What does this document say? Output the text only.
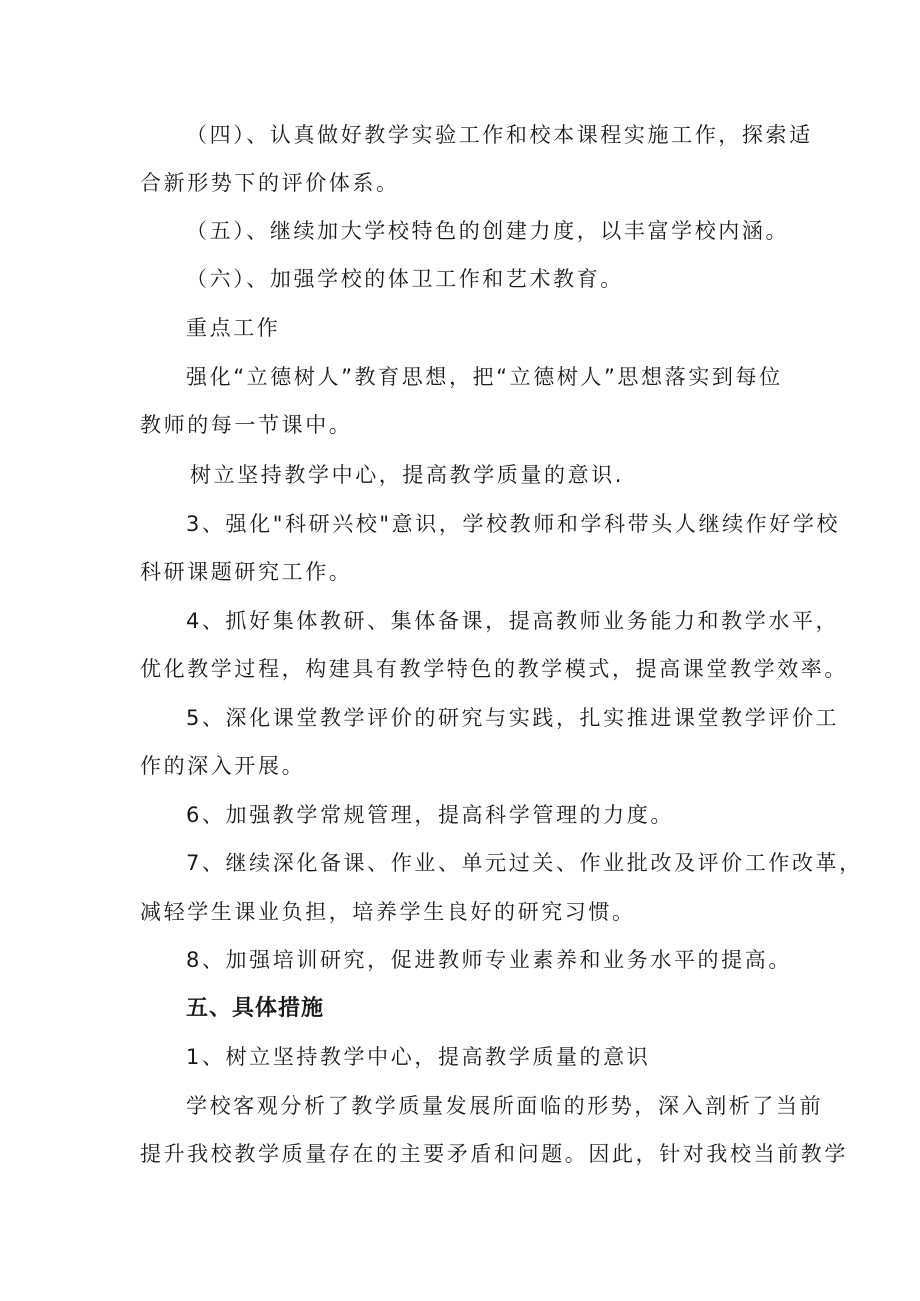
（四）、认真做好教学实验工作和校本课程实施工作，探索适
合新形势下的评价体系。
（五）、继续加大学校特色的创建力度，以丰富学校内涵。
（六）、加强学校的体卫工作和艺术教育。
重点工作
强化“立德树人”教育思想，把“立德树人”思想落实到每位
教师的每一节课中。
树立坚持教学中心，提高教学质量的意识.
3、强化"科研兴校"意识，学校教师和学科带头人继续作好学校
科研课题研究工作。
4、抓好集体教研、集体备课，提高教师业务能力和教学水平，
优化教学过程，构建具有教学特色的教学模式，提高课堂教学效率。
5、深化课堂教学评价的研究与实践，扎实推进课堂教学评价工
作的深入开展。
6、加强教学常规管理，提高科学管理的力度。
7、继续深化备课、作业、单元过关、作业批改及评价工作改革，
减轻学生课业负担，培养学生良好的研究习惯。
8、加强培训研究，促进教师专业素养和业务水平的提高。
五、具体措施
1、树立坚持教学中心，提高教学质量的意识
学校客观分析了教学质量发展所面临的形势，深入剖析了当前
提升我校教学质量存在的主要矛盾和问题。因此，针对我校当前教学
